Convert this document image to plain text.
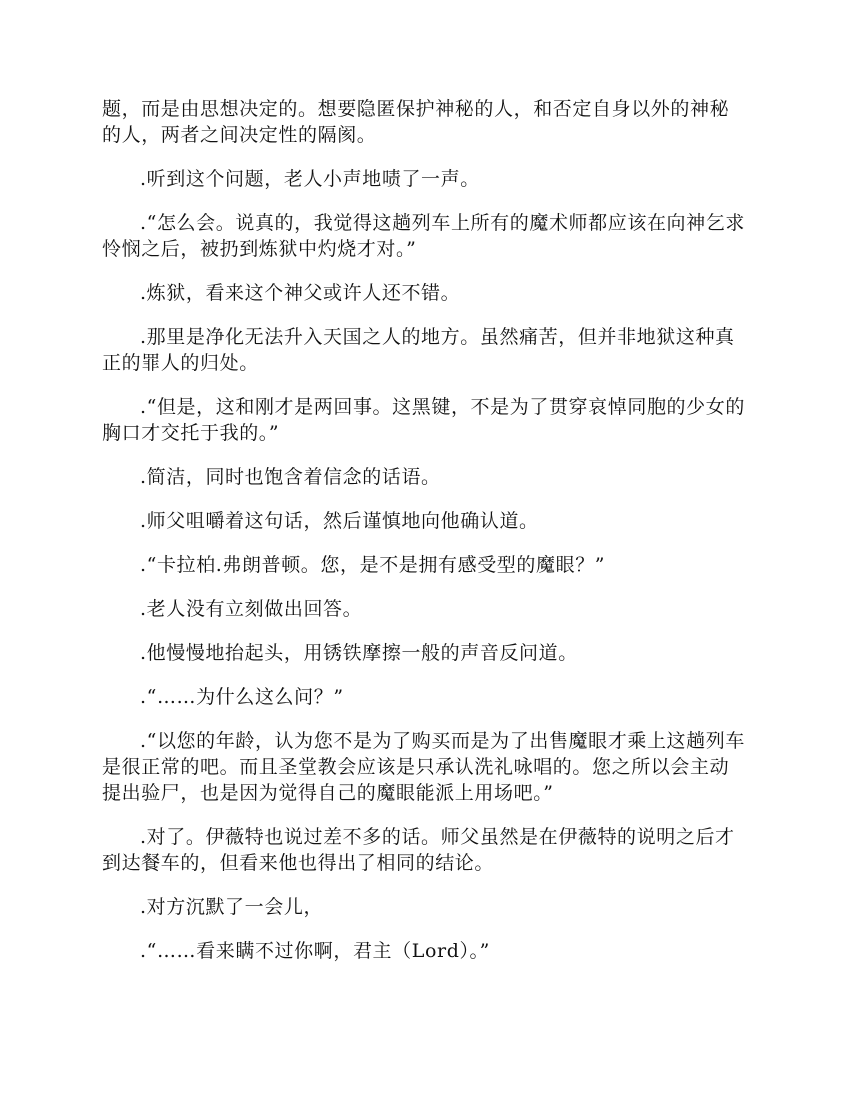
题，而是由思想决定的。想要隐匿保护神秘的人，和否定自身以外的神秘的人，两者之间决定性的隔阂。

.听到这个问题，老人小声地啧了一声。

.“怎么会。说真的，我觉得这趟列车上所有的魔术师都应该在向神乞求怜悯之后，被扔到炼狱中灼烧才对。”

.炼狱，看来这个神父或许人还不错。

.那里是净化无法升入天国之人的地方。虽然痛苦，但并非地狱这种真正的罪人的归处。

.“但是，这和刚才是两回事。这黑键，不是为了贯穿哀悼同胞的少女的胸口才交托于我的。”

.简洁，同时也饱含着信念的话语。

.师父咀嚼着这句话，然后谨慎地向他确认道。

.“卡拉柏.弗朗普顿。您，是不是拥有感受型的魔眼？”

.老人没有立刻做出回答。

.他慢慢地抬起头，用锈铁摩擦一般的声音反问道。

.“……为什么这么问？”

.“以您的年龄，认为您不是为了购买而是为了出售魔眼才乘上这趟列车是很正常的吧。而且圣堂教会应该是只承认洗礼咏唱的。您之所以会主动提出验尸，也是因为觉得自己的魔眼能派上用场吧。”

.对了。伊薇特也说过差不多的话。师父虽然是在伊薇特的说明之后才到达餐车的，但看来他也得出了相同的结论。

.对方沉默了一会儿，

.“……看来瞒不过你啊，君主（Lord）。”
